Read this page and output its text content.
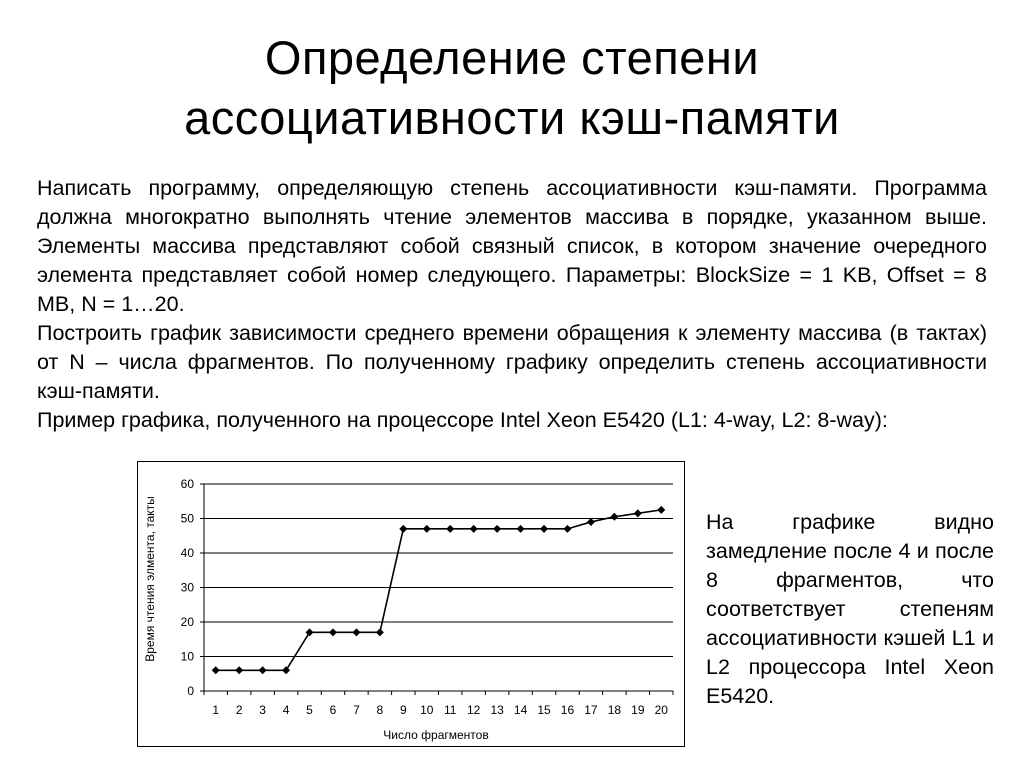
Определение степени
ассоциативности кэш-памяти

Написать программу, определяющую степень ассоциативности кэш-памяти. Программа должна многократно выполнять чтение элементов массива в порядке, указанном выше. Элементы массива представляют собой связный список, в котором значение очередного элемента представляет собой номер следующего. Параметры: BlockSize = 1 KB, Offset = 8 MB, N = 1…20.

Построить график зависимости среднего времени обращения к элементу массива (в тактах) от N – числа фрагментов. По полученному графику определить степень ассоциативности кэш-памяти.

Пример графика, полученного на процессоре Intel Xeon E5420 (L1: 4-way, L2: 8-way):

0
10
20
30
40
50
60
1 2 3 4 5 6 7 8 9 10 11 12 13 14 15 16 17 18 19 20
Время чтения элмента, такты
Число фрагментов
На графике видно замедление после 4 и после 8 фрагментов, что соответствует степеням ассоциативности кэшей L1 и L2 процессора Intel Xeon E5420.
